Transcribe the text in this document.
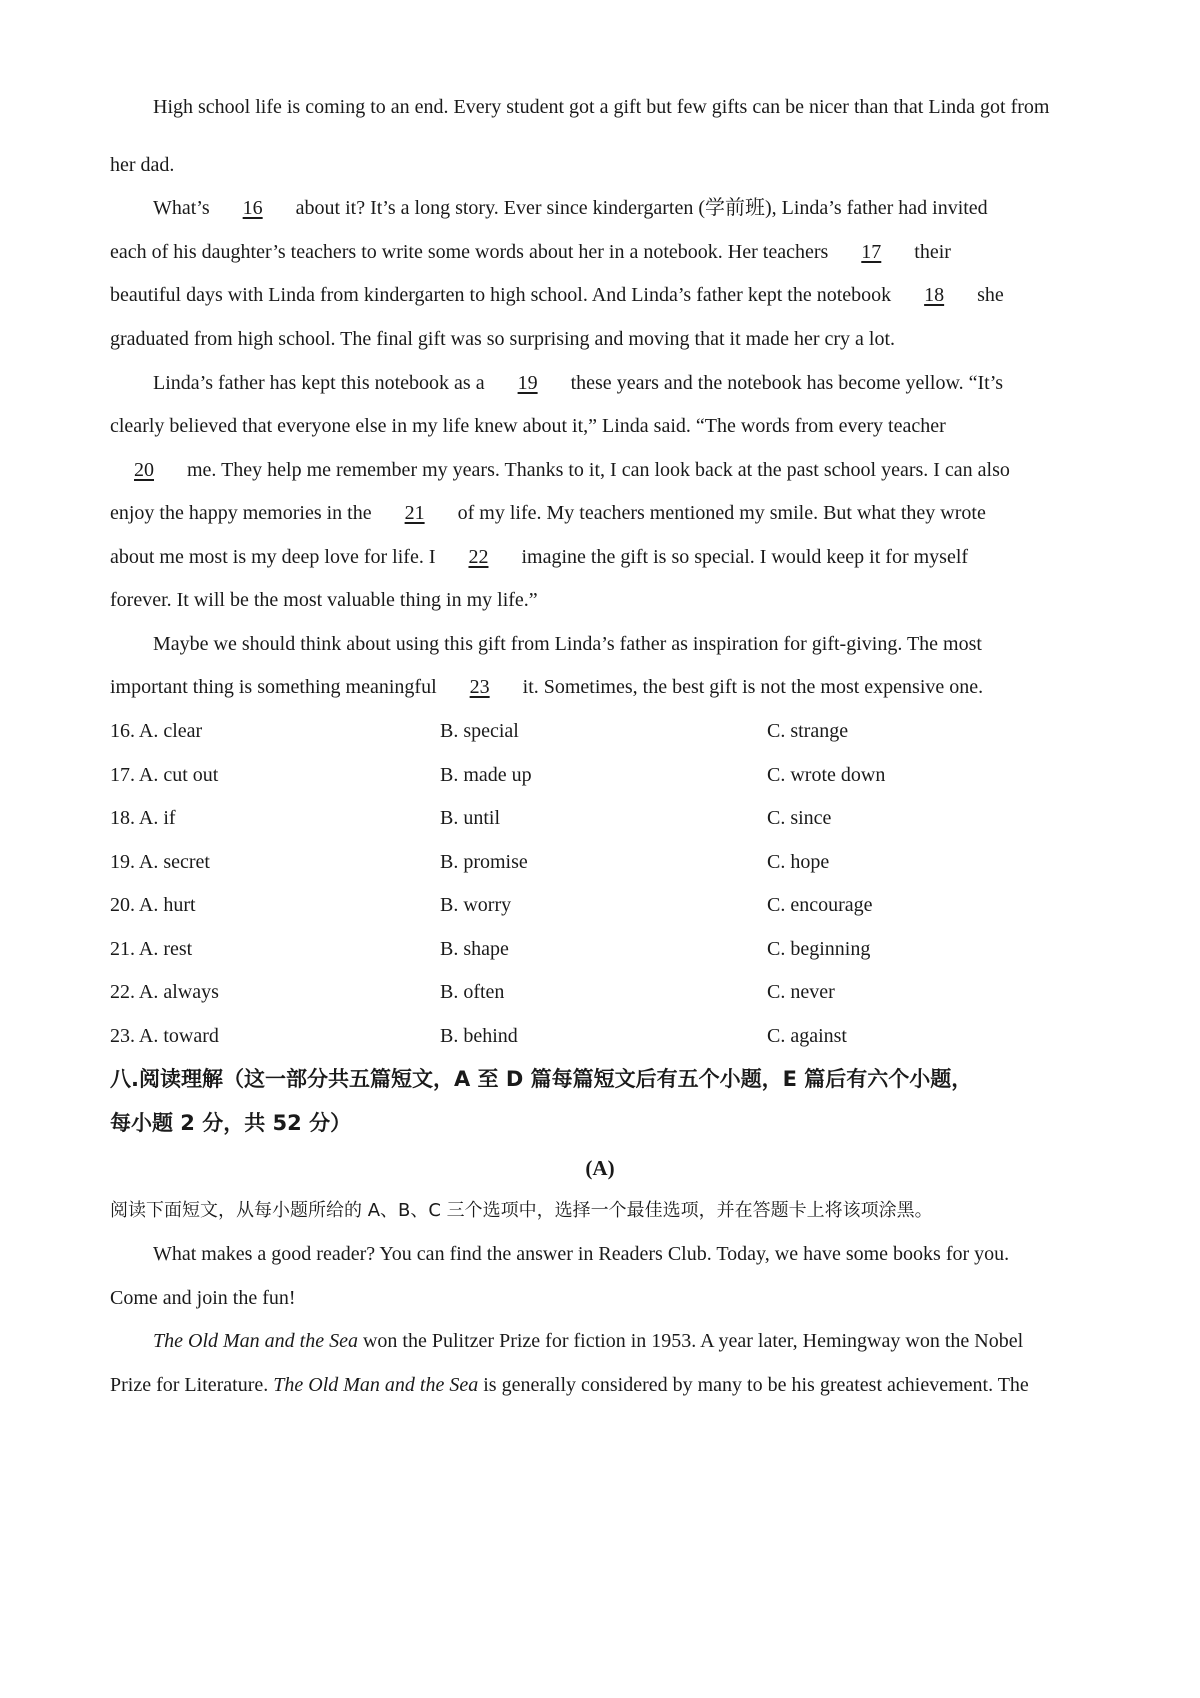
High school life is coming to an end. Every student got a gift but few gifts can be nicer than that Linda got from
her dad.
What’s 16 about it? It’s a long story. Ever since kindergarten (学前班), Linda’s father had invited
each of his daughter’s teachers to write some words about her in a notebook. Her teachers 17 their
beautiful days with Linda from kindergarten to high school. And Linda’s father kept the notebook 18 she
graduated from high school. The final gift was so surprising and moving that it made her cry a lot.
Linda’s father has kept this notebook as a 19 these years and the notebook has become yellow. “It’s
clearly believed that everyone else in my life knew about it,” Linda said. “The words from every teacher
20 me. They help me remember my years. Thanks to it, I can look back at the past school years. I can also
enjoy the happy memories in the 21 of my life. My teachers mentioned my smile. But what they wrote
about me most is my deep love for life. I 22 imagine the gift is so special. I would keep it for myself
forever. It will be the most valuable thing in my life.”
Maybe we should think about using this gift from Linda’s father as inspiration for gift-giving. The most
important thing is something meaningful 23 it. Sometimes, the best gift is not the most expensive one.
16. A. clear	B. special	C. strange
17. A. cut out	B. made up	C. wrote down
18. A. if	B. until	C. since
19. A. secret	B. promise	C. hope
20. A. hurt	B. worry	C. encourage
21. A. rest	B. shape	C. beginning
22. A. always	B. often	C. never
23. A. toward	B. behind	C. against
八.阅读理解（这一部分共五篇短文，A 至 D 篇每篇短文后有五个小题，E 篇后有六个小题，
每小题 2 分，共 52 分）
(A)
阅读下面短文，从每小题所给的 A、B、C 三个选项中，选择一个最佳选项，并在答题卡上将该项涂黑。
What makes a good reader? You can find the answer in Readers Club. Today, we have some books for you.
Come and join the fun!
The Old Man and the Sea won the Pulitzer Prize for fiction in 1953. A year later, Hemingway won the Nobel
Prize for Literature. The Old Man and the Sea is generally considered by many to be his greatest achievement. The
